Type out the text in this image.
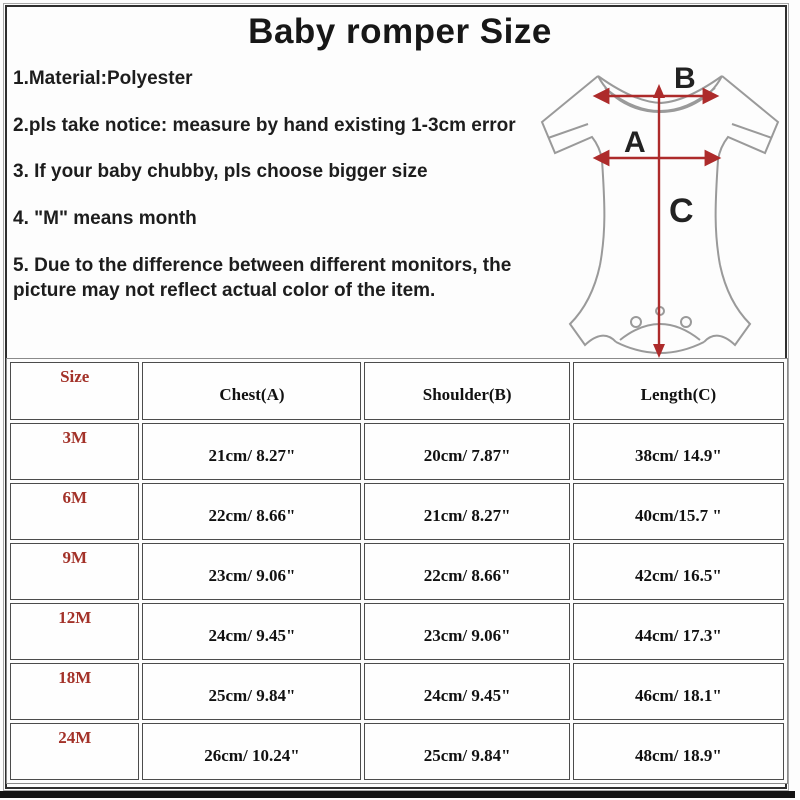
Baby romper Size
1.Material:Polyester
2.pls take notice: measure by hand existing 1-3cm error
3. If your baby chubby, pls choose bigger size
4. "M" means month
5. Due to the difference between different monitors, the picture may not reflect actual color of the item.
A
B
C
Size	Chest(A)	Shoulder(B)	Length(C)
3M	21cm/ 8.27"	20cm/ 7.87"	38cm/ 14.9"
6M	22cm/ 8.66"	21cm/ 8.27"	40cm/15.7 "
9M	23cm/ 9.06"	22cm/ 8.66"	42cm/ 16.5"
12M	24cm/ 9.45"	23cm/ 9.06"	44cm/ 17.3"
18M	25cm/ 9.84"	24cm/ 9.45"	46cm/ 18.1"
24M	26cm/ 10.24"	25cm/ 9.84"	48cm/ 18.9"
